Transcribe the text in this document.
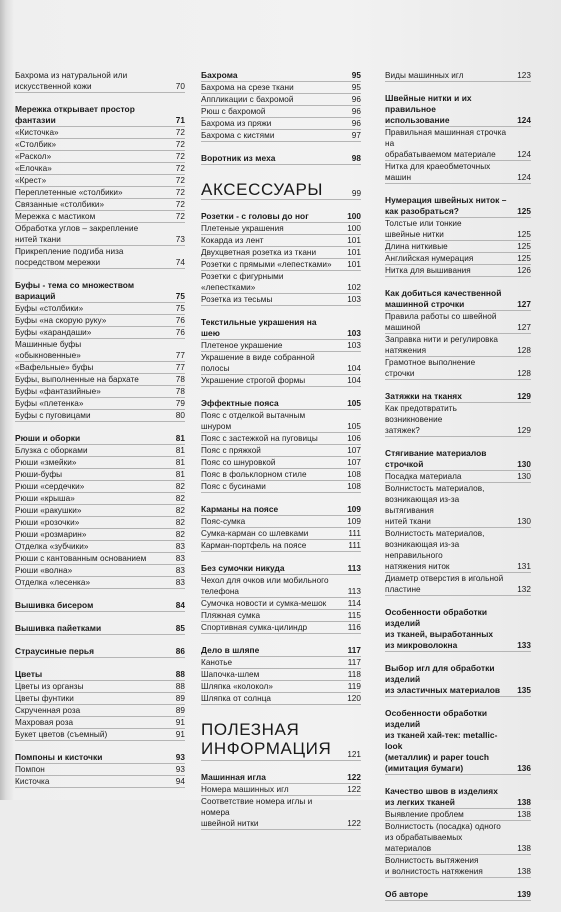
Бахрома из натуральной или
искусственной кожи	70
Мережка открывает простор фантазии	71
«Кисточка»	72
«Столбик»	72
«Раскол»	72
«Елочка»	72
«Крест»	72
Переплетенные «столбики»	72
Связанные «столбики»	72
Мережка с мастиком	72
Обработка углов – закрепление
нитей ткани	73
Прикрепление подгиба низа
посредством мережки	74
Буфы - тема со множеством
вариаций	75
Буфы «столбики»	75
Буфы «на скорую руку»	76
Буфы «карандаши»	76
Машинные буфы
«обыкновенные»	77
«Вафельные» буфы	77
Буфы, выполненные на бархате	78
Буфы «фантазийные»	78
Буфы «плетенка»	79
Буфы с пуговицами	80
Рюши и оборки	81
Блузка с оборками	81
Рюши «змейки»	81
Рюши-буфы	81
Рюши «сердечки»	82
Рюши «крыша»	82
Рюши «ракушки»	82
Рюши «розочки»	82
Рюши «розмарин»	82
Отделка «зубчики»	83
Рюши с кантованным основанием	83
Рюши «волна»	83
Отделка «лесенка»	83
Вышивка бисером	84
Вышивка пайетками	85
Страусиные перья	86
Цветы	88
Цветы из органзы	88
Цветы фунтики	89
Скрученная роза	89
Махровая роза	91
Букет цветов (съемный)	91
Помпоны и кисточки	93
Помпон	93
Кисточка	94
Бахрома	95
Бахрома на срезе ткани	95
Аппликации с бахромой	96
Рюш с бахромой	96
Бахрома из пряжи	96
Бахрома с кистями	97
Воротник из меха	98
АКСЕССУАРЫ	99
Розетки - с головы до ног	100
Плетеные украшения	100
Кокарда из лент	101
Двухцветная розетка из ткани	101
Розетки с прямыми «лепестками»	101
Розетки с фигурными «лепестками»	102
Розетка из тесьмы	103
Текстильные украшения на шею	103
Плетеное украшение	103
Украшение в виде собранной
полосы	104
Украшение строгой формы	104
Эффектные пояса	105
Пояс с отделкой вытачным шнуром	105
Пояс с застежкой на пуговицы	106
Пояс с пряжкой	107
Пояс со шнуровкой	107
Пояс в фольклорном стиле	108
Пояс с бусинами	108
Карманы на поясе	109
Пояс-сумка	109
Сумка-карман со шлевками	111
Карман-портфель на поясе	111
Без сумочки никуда	113
Чехол для очков или мобильного
телефона	113
Сумочка новости и сумка-мешок	114
Пляжная сумка	115
Спортивная сумка-цилиндр	116
Дело в шляпе	117
Канотье	117
Шапочка-шлем	118
Шляпка «колокол»	119
Шляпка от солнца	120
ПОЛЕЗНАЯ
ИНФОРМАЦИЯ	121
Машинная игла	122
Номера машинных игл	122
Соответствие номера иглы и номера
швейной нитки	122
Виды машинных игл	123
Швейные нитки и их правильное
использование	124
Правильная машинная строчка на
обрабатываемом материале	124
Нитка для краеобметочных машин	124
Нумерация швейных ниток –
как разобраться?	125
Толстые или тонкие
швейные нитки	125
Длина ниткивые	125
Английская нумерация	125
Нитка для вышивания	126
Как добиться качественной
машинной строчки	127
Правила работы со швейной
машиной	127
Заправка нити и регулировка
натяжения	128
Грамотное выполнение строчки	128
Затяжки на тканях	129
Как предотвратить возникновение
затяжек?	129
Стягивание материалов строчкой	130
Посадка материала	130
Волнистость материалов,
возникающая из-за вытягивания
нитей ткани	130
Волнистость материалов,
возникающая из-за неправильного
натяжения ниток	131
Диаметр отверстия в игольной
пластине	132
Особенности обработки изделий
из тканей, выработанных
из микроволокна	133
Выбор игл для обработки изделий
из эластичных материалов	135
Особенности обработки изделий
из тканей хай-тек: metallic-look
(металлик) и paper touch
(имитация бумаги)	136
Качество швов в изделиях
из легких тканей	138
Выявление проблем	138
Волнистость (посадка) одного
из обрабатываемых материалов	138
Волнистость вытяжения
и волнистость натяжения	138
Об авторе	139
